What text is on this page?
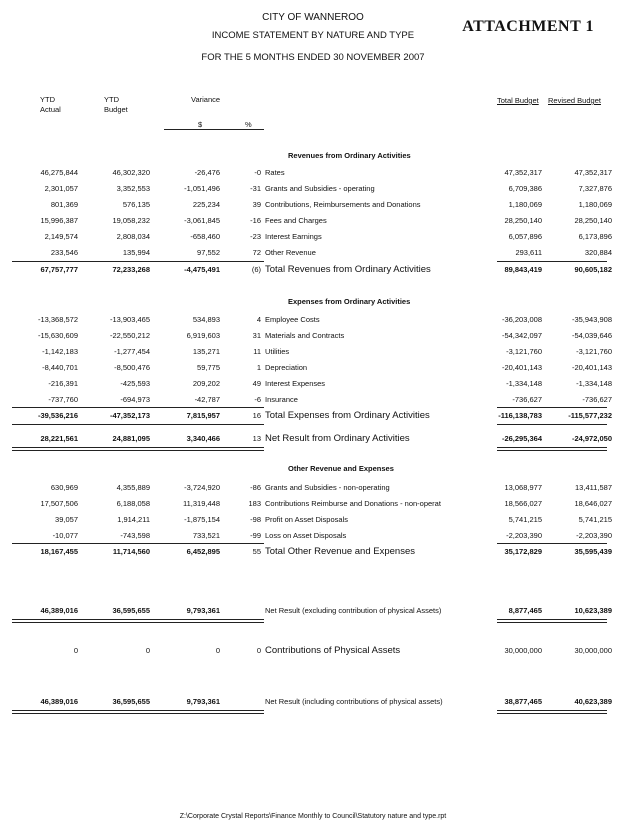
CITY OF WANNEROO
INCOME STATEMENT BY NATURE AND TYPE
FOR THE 5 MONTHS ENDED 30 NOVEMBER 2007
ATTACHMENT 1
YTD
Actual
YTD
Budget
Variance
$	%
Total Budget Revised Budget
Revenues from Ordinary Activities
46,275,844	46,302,320	-26,476	-0 Rates	47,352,317	47,352,317
2,301,057	3,352,553	-1,051,496	-31 Grants and Subsidies - operating	6,709,386	7,327,876
801,369	576,135	225,234	39 Contributions, Reimbursements and Donations	1,180,069	1,180,069
15,996,387	19,058,232	-3,061,845	-16 Fees and Charges	28,250,140	28,250,140
2,149,574	2,808,034	-658,460	-23 Interest Earnings	6,057,896	6,173,896
233,546	135,994	97,552	72 Other Revenue	293,611	320,884
67,757,777	72,233,268	-4,475,491	(6) Total Revenues from Ordinary Activities	89,843,419	90,605,182
Expenses from Ordinary Activities
-13,368,572	-13,903,465	534,893	4 Employee Costs	-36,203,008	-35,943,908
-15,630,609	-22,550,212	6,919,603	31 Materials and Contracts	-54,342,097	-54,039,646
-1,142,183	-1,277,454	135,271	11 Utilities	-3,121,760	-3,121,760
-8,440,701	-8,500,476	59,775	1 Depreciation	-20,401,143	-20,401,143
-216,391	-425,593	209,202	49 Interest Expenses	-1,334,148	-1,334,148
-737,760	-694,973	-42,787	-6 Insurance	-736,627	-736,627
-39,536,216	-47,352,173	7,815,957	16 Total Expenses from Ordinary Activities	-116,138,783	-115,577,232
28,221,561	24,881,095	3,340,466	13 Net Result from Ordinary Activities	-26,295,364	-24,972,050
Other Revenue and Expenses
630,969	4,355,889	-3,724,920	-86 Grants and Subsidies - non-operating	13,068,977	13,411,587
17,507,506	6,188,058	11,319,448	183 Contributions Reimburse and Donations - non-operat	18,566,027	18,646,027
39,057	1,914,211	-1,875,154	-98 Profit on Asset Disposals	5,741,215	5,741,215
-10,077	-743,598	733,521	-99 Loss on Asset Disposals	-2,203,390	-2,203,390
18,167,455	11,714,560	6,452,895	55 Total Other Revenue and Expenses	35,172,829	35,595,439
46,389,016	36,595,655	9,793,361	Net Result (excluding contribution of physical Assets)	8,877,465	10,623,389
0	0	0	0 Contributions of Physical Assets	30,000,000	30,000,000
46,389,016	36,595,655	9,793,361	Net Result (including contributions of physical assets)	38,877,465	40,623,389
Z:\Corporate Crystal Reports\Finance Monthly to Council\Statutory nature and type.rpt
